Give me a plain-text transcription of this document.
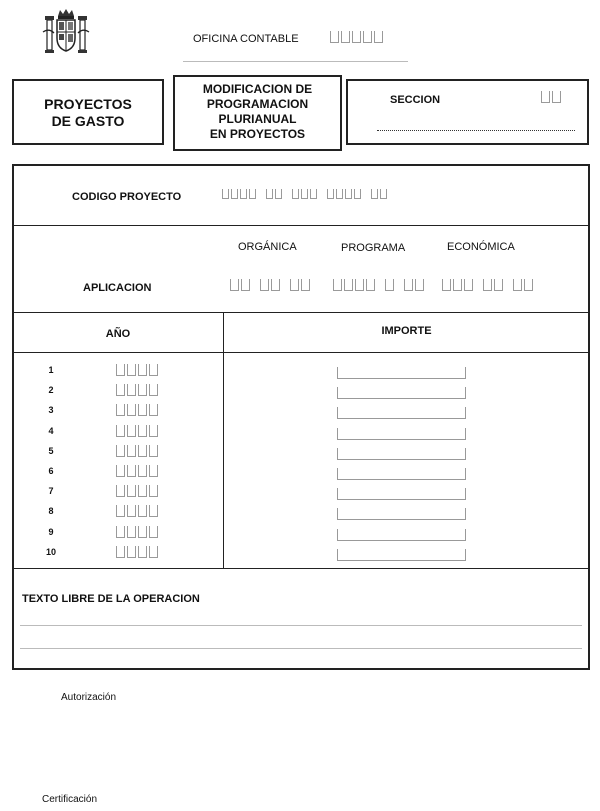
OFICINA CONTABLE
PROYECTOS
DE GASTO
MODIFICACION DE
PROGRAMACION
PLURIANUAL
EN PROYECTOS
SECCION
CODIGO PROYECTO
ORGÁNICA	PROGRAMA	ECONÓMICA
APLICACION
AÑO	IMPORTE
1
2
3
4
5
6
7
8
9
10
TEXTO LIBRE DE LA OPERACION
Autorización
Certificación
